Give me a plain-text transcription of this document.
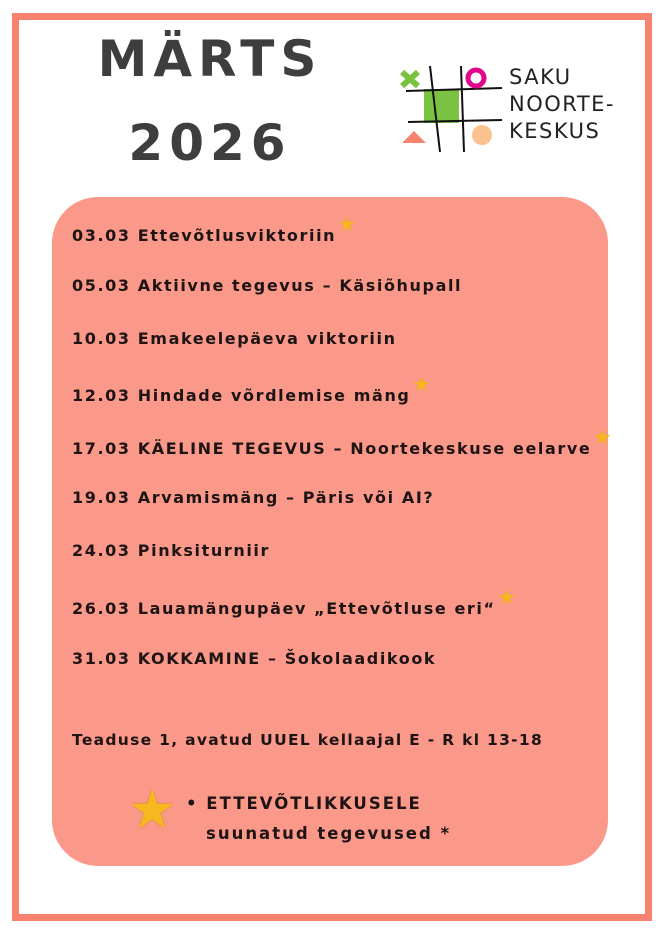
MÄRTS
2026
SAKU
NOORTE-
KESKUS
03.03 Ettevõtlusviktoriin ★
05.03 Aktiivne tegevus – Käsiõhupall
10.03 Emakeelepäeva viktoriin
12.03 Hindade võrdlemise mäng ★
17.03 KÄELINE TEGEVUS – Noortekeskuse eelarve ★
19.03 Arvamismäng – Päris või AI?
24.03 Pinksiturniir
26.03 Lauamängupäev „Ettevõtluse eri“ ★
31.03 KOKKAMINE – Šokolaadikook
Teaduse 1, avatud UUEL kellaajal E - R kl 13-18
★ • ETTEVÕTLIKKUSELE
suunatud tegevused *
